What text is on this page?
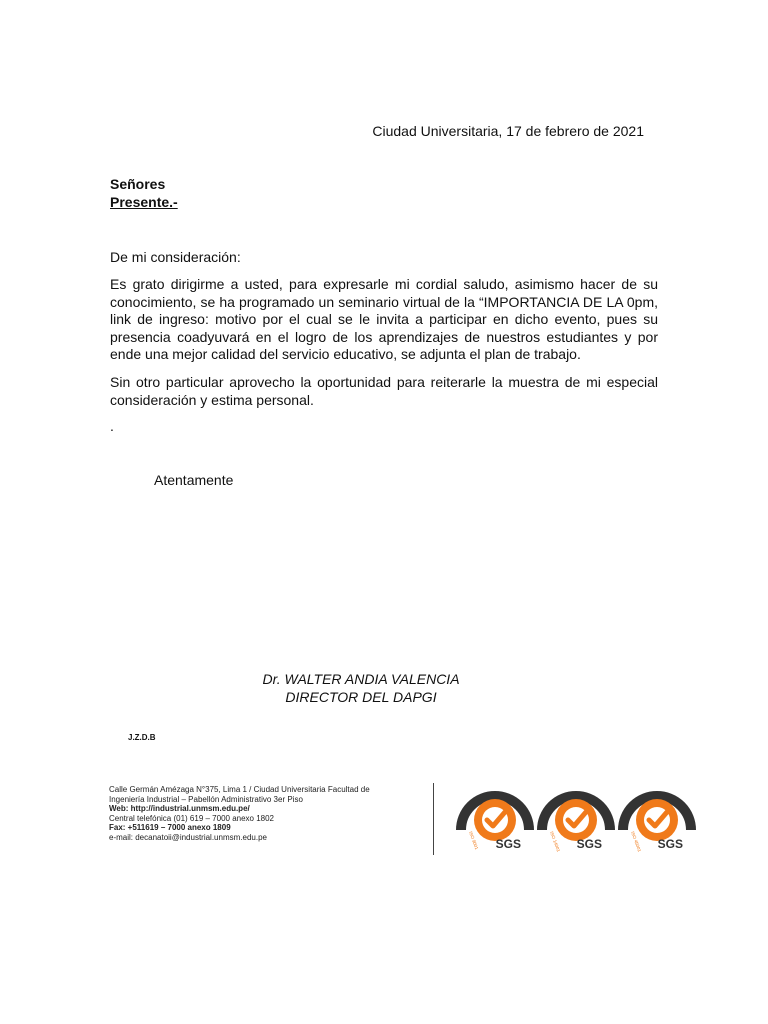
Ciudad Universitaria, 17 de febrero de 2021
Señores
Presente.-
De mi consideración:

Es grato dirigirme a usted, para expresarle mi cordial saludo, asimismo hacer de su conocimiento, se ha programado un seminario virtual de la “IMPORTANCIA DE LA 0pm, link de ingreso: motivo por el cual se le invita a participar en dicho evento, pues su presencia coadyuvará en el logro de los aprendizajes de nuestros estudiantes y por ende una mejor calidad del servicio educativo, se adjunta el plan de trabajo.

Sin otro particular aprovecho la oportunidad para reiterarle la muestra de mi especial consideración y estima personal.

.
Atentamente
Dr. WALTER ANDIA VALENCIA
DIRECTOR DEL DAPGI
J.Z.D.B
Calle Germán Amézaga N°375, Lima 1 / Ciudad Universitaria Facultad de
Ingeniería Industrial – Pabellón Administrativo 3er Piso
Web: http://industrial.unmsm.edu.pe/
Central telefónica (01) 619 – 7000 anexo 1802
Fax: +511619 – 7000 anexo 1809
e-mail: decanatoii@industrial.unmsm.edu.pe
SYSTEM CERTIFICATION
ISO 9001 SGS
SYSTEM CERTIFICATION
ISO 14001 SGS
SYSTEM CERTIFICATION
ISO 45001 SGS
